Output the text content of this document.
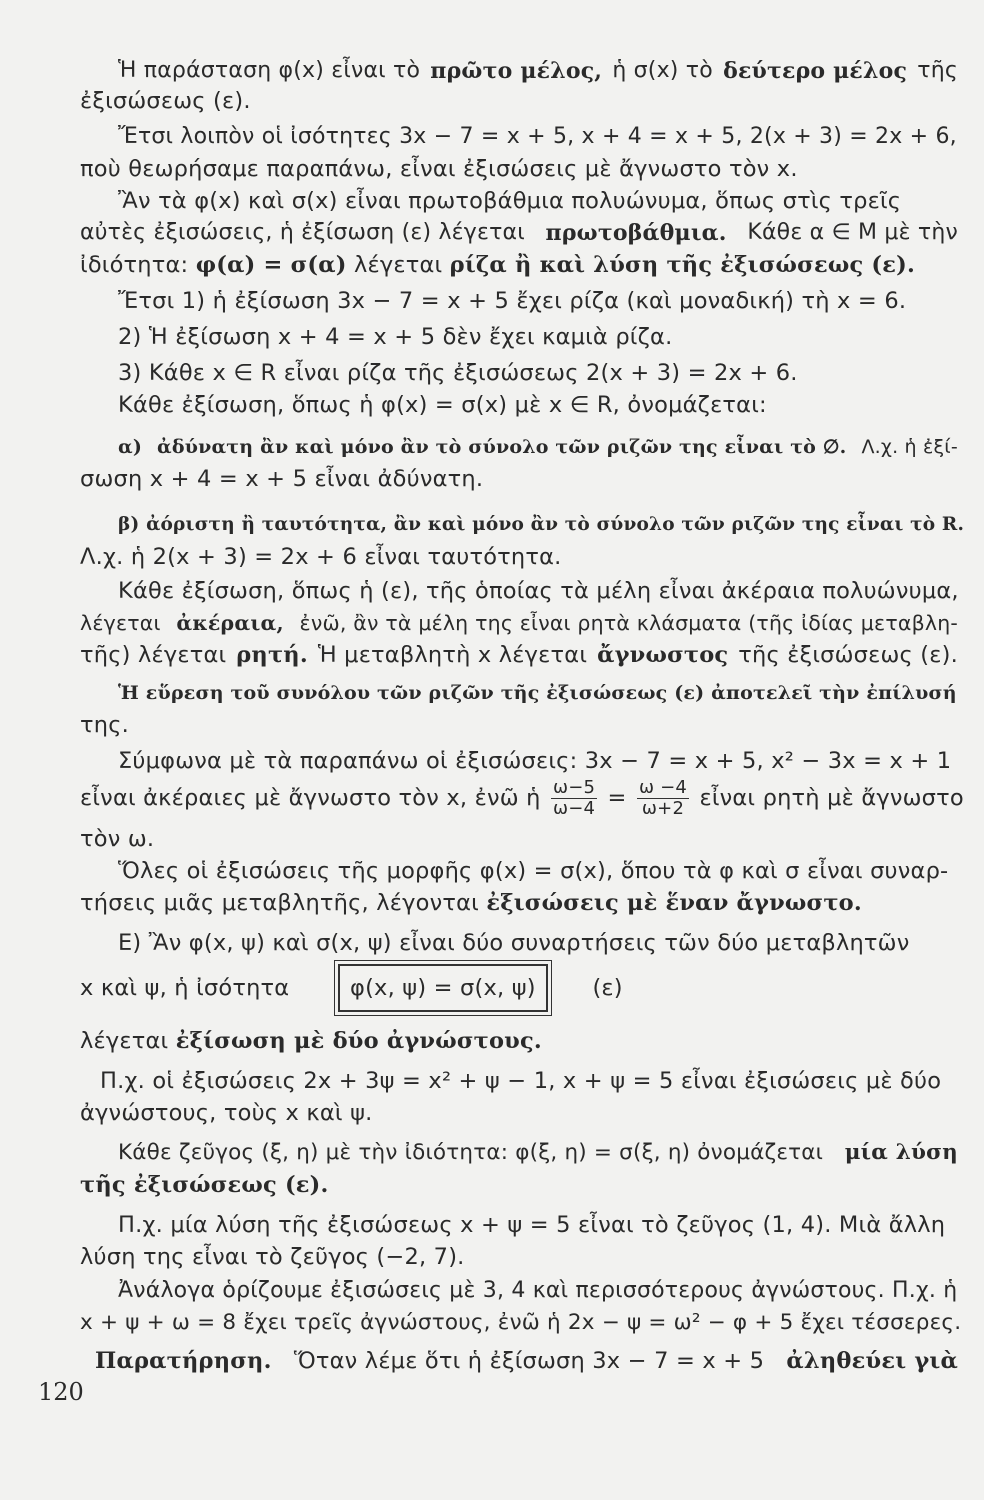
Ἡ παράσταση φ(x) εἶναι τὸ πρῶτο μέλος, ἡ σ(x) τὸ δεύτερο μέλος τῆς
ἐξισώσεως (ε).
Ἔτσι λοιπὸν οἱ ἰσότητες 3x − 7 = x + 5, x + 4 = x + 5, 2(x + 3) = 2x + 6,
ποὺ θεωρήσαμε παραπάνω, εἶναι ἐξισώσεις μὲ ἄγνωστο τὸν x.
Ἂν τὰ φ(x) καὶ σ(x) εἶναι πρωτοβάθμια πολυώνυμα, ὅπως στὶς τρεῖς
αὐτὲς ἐξισώσεις, ἡ ἐξίσωση (ε) λέγεται πρωτοβάθμια. Κάθε α ∈ Μ μὲ τὴν
ἰδιότητα: φ(α) = σ(α) λέγεται ρίζα ἢ καὶ λύση τῆς ἐξισώσεως (ε).
Ἔτσι 1) ἡ ἐξίσωση 3x − 7 = x + 5 ἔχει ρίζα (καὶ μοναδική) τὴ x = 6.
2) Ἡ ἐξίσωση x + 4 = x + 5 δὲν ἔχει καμιὰ ρίζα.
3) Κάθε x ∈ R εἶναι ρίζα τῆς ἐξισώσεως 2(x + 3) = 2x + 6.
Κάθε ἐξίσωση, ὅπως ἡ φ(x) = σ(x) μὲ x ∈ R, ὀνομάζεται:
α) ἀδύνατη ἂν καὶ μόνο ἂν τὸ σύνολο τῶν ριζῶν της εἶναι τὸ ∅. Λ.χ. ἡ ἐξί-
σωση x + 4 = x + 5 εἶναι ἀδύνατη.
β) ἀόριστη ἢ ταυτότητα, ἂν καὶ μόνο ἂν τὸ σύνολο τῶν ριζῶν της εἶναι τὸ R.
Λ.χ. ἡ 2(x + 3) = 2x + 6 εἶναι ταυτότητα.
Κάθε ἐξίσωση, ὅπως ἡ (ε), τῆς ὁποίας τὰ μέλη εἶναι ἀκέραια πολυώνυμα,
λέγεται ἀκέραια, ἐνῶ, ἂν τὰ μέλη της εἶναι ρητὰ κλάσματα (τῆς ἰδίας μεταβλη-
τῆς) λέγεται ρητή. Ἡ μεταβλητὴ x λέγεται ἄγνωστος τῆς ἐξισώσεως (ε).
Ἡ εὕρεση τοῦ συνόλου τῶν ριζῶν τῆς ἐξισώσεως (ε) ἀποτελεῖ τὴν ἐπίλυσή
της.
Σύμφωνα μὲ τὰ παραπάνω οἱ ἐξισώσεις: 3x − 7 = x + 5, x² − 3x = x + 1
εἶναι ἀκέραιες μὲ ἄγνωστο τὸν x, ἐνῶ ἡ $\frac{\omega-5}{\omega-4} = \frac{\omega -4}{\omega+2}$ εἶναι ρητὴ μὲ ἄγνωστο
τὸν ω.
Ὅλες οἱ ἐξισώσεις τῆς μορφῆς φ(x) = σ(x), ὅπου τὰ φ καὶ σ εἶναι συναρ-
τήσεις μιᾶς μεταβλητῆς, λέγονται ἐξισώσεις μὲ ἕναν ἄγνωστο.
Ε) Ἂν φ(x, ψ) καὶ σ(x, ψ) εἶναι δύο συναρτήσεις τῶν δύο μεταβλητῶν
x καὶ ψ, ἡ ἰσότητα	φ(x, ψ) = σ(x, ψ)	(ε)
λέγεται ἐξίσωση μὲ δύο ἀγνώστους.
Π.χ. οἱ ἐξισώσεις 2x + 3ψ = x² + ψ − 1, x + ψ = 5 εἶναι ἐξισώσεις μὲ δύο
ἀγνώστους, τοὺς x καὶ ψ.
Κάθε ζεῦγος (ξ, η) μὲ τὴν ἰδιότητα: φ(ξ, η) = σ(ξ, η) ὀνομάζεται μία λύση
τῆς ἐξισώσεως (ε).
Π.χ. μία λύση τῆς ἐξισώσεως x + ψ = 5 εἶναι τὸ ζεῦγος (1, 4). Μιὰ ἄλλη
λύση της εἶναι τὸ ζεῦγος (−2, 7).
Ἀνάλογα ὁρίζουμε ἐξισώσεις μὲ 3, 4 καὶ περισσότερους ἀγνώστους. Π.χ. ἡ
x + ψ + ω = 8 ἔχει τρεῖς ἀγνώστους, ἐνῶ ἡ 2x − ψ = ω² − φ + 5 ἔχει τέσσερες.
Παρατήρηση. Ὅταν λέμε ὅτι ἡ ἐξίσωση 3x − 7 = x + 5 ἀληθεύει γιὰ
120
